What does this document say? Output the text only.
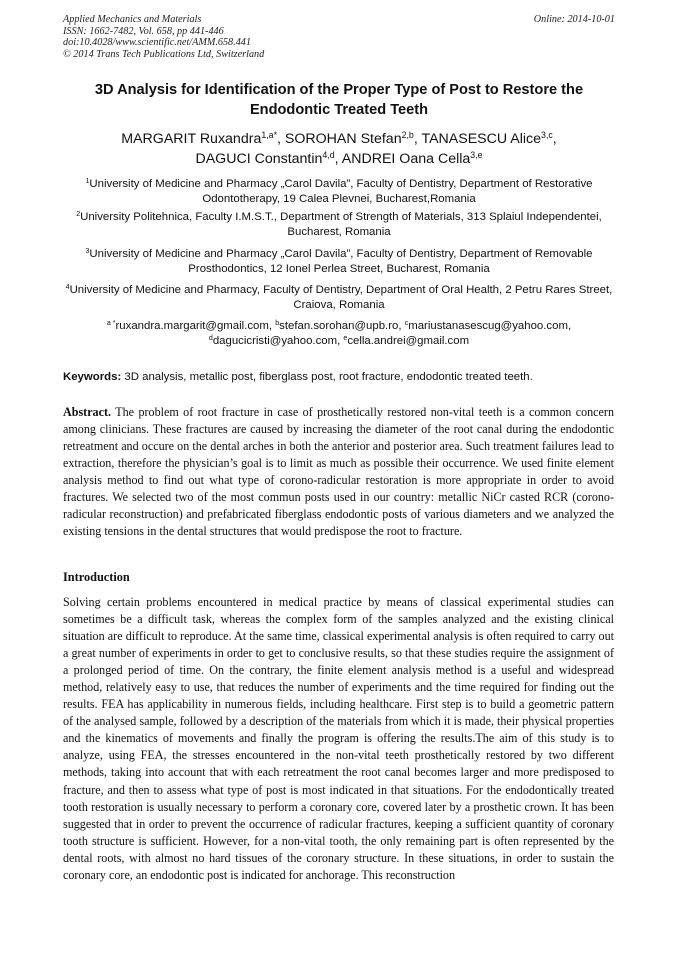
Applied Mechanics and Materials
ISSN: 1662-7482, Vol. 658, pp 441-446
doi:10.4028/www.scientific.net/AMM.658.441
© 2014 Trans Tech Publications Ltd, Switzerland
Online: 2014-10-01
3D Analysis for Identification of the Proper Type of Post to Restore the
Endodontic Treated Teeth
MARGARIT Ruxandra$^{1,a*}$, SOROHAN Stefan$^{2,b}$, TANASESCU Alice$^{3,c}$,
DAGUCI Constantin$^{4,d}$, ANDREI Oana Cella$^{3,e}$
$^1$University of Medicine and Pharmacy „Carol Davila”, Faculty of Dentistry, Department of Restorative Odontotherapy, 19 Calea Plevnei, Bucharest,Romania
$^2$University Politehnica, Faculty I.M.S.T., Department of Strength of Materials, 313 Splaiul Independentei, Bucharest, Romania
$^3$University of Medicine and Pharmacy „Carol Davila”, Faculty of Dentistry, Department of Removable Prosthodontics, 12 Ionel Perlea Street, Bucharest, Romania
$^4$University of Medicine and Pharmacy, Faculty of Dentistry, Department of Oral Health, 2 Petru Rares Street, Craiova, Romania
$^{a *}$ruxandra.margarit@gmail.com, $^b$stefan.sorohan@upb.ro, $^c$mariustanasescug@yahoo.com,
$^d$dagucicristi@yahoo.com, $^e$cella.andrei@gmail.com
Keywords: 3D analysis, metallic post, fiberglass post, root fracture, endodontic treated teeth.
Abstract. The problem of root fracture in case of prosthetically restored non-vital teeth is a common concern among clinicians. These fractures are caused by increasing the diameter of the root canal during the endodontic retreatment and occure on the dental arches in both the anterior and posterior area. Such treatment failures lead to extraction, therefore the physician’s goal is to limit as much as possible their occurrence. We used finite element analysis method to find out what type of corono-radicular restoration is more appropriate in order to avoid fractures. We selected two of the most commun posts used in our country: metallic NiCr casted RCR (corono-radicular reconstruction) and prefabricated fiberglass endodontic posts of various diameters and we analyzed the existing tensions in the dental structures that would predispose the root to fracture.
Introduction
Solving certain problems encountered in medical practice by means of classical experimental studies can sometimes be a difficult task, whereas the complex form of the samples analyzed and the existing clinical situation are difficult to reproduce. At the same time, classical experimental analysis is often required to carry out a great number of experiments in order to get to conclusive results, so that these studies require the assignment of a prolonged period of time. On the contrary, the finite element analysis method is a useful and widespread method, relatively easy to use, that reduces the number of experiments and the time required for finding out the results. FEA has applicability in numerous fields, including healthcare. First step is to build a geometric pattern of the analysed sample, followed by a description of the materials from which it is made, their physical properties and the kinematics of movements and finally the program is offering the results.The aim of this study is to analyze, using FEA, the stresses encountered in the non-vital teeth prosthetically restored by two different methods, taking into account that with each retreatment the root canal becomes larger and more predisposed to fracture, and then to assess what type of post is most indicated in that situations. For the endodontically treated tooth restoration is usually necessary to perform a coronary core, covered later by a prosthetic crown. It has been suggested that in order to prevent the occurrence of radicular fractures, keeping a sufficient quantity of coronary tooth structure is sufficient. However, for a non-vital tooth, the only remaining part is often represented by the dental roots, with almost no hard tissues of the coronary structure. In these situations, in order to sustain the coronary core, an endodontic post is indicated for anchorage. This reconstruction
